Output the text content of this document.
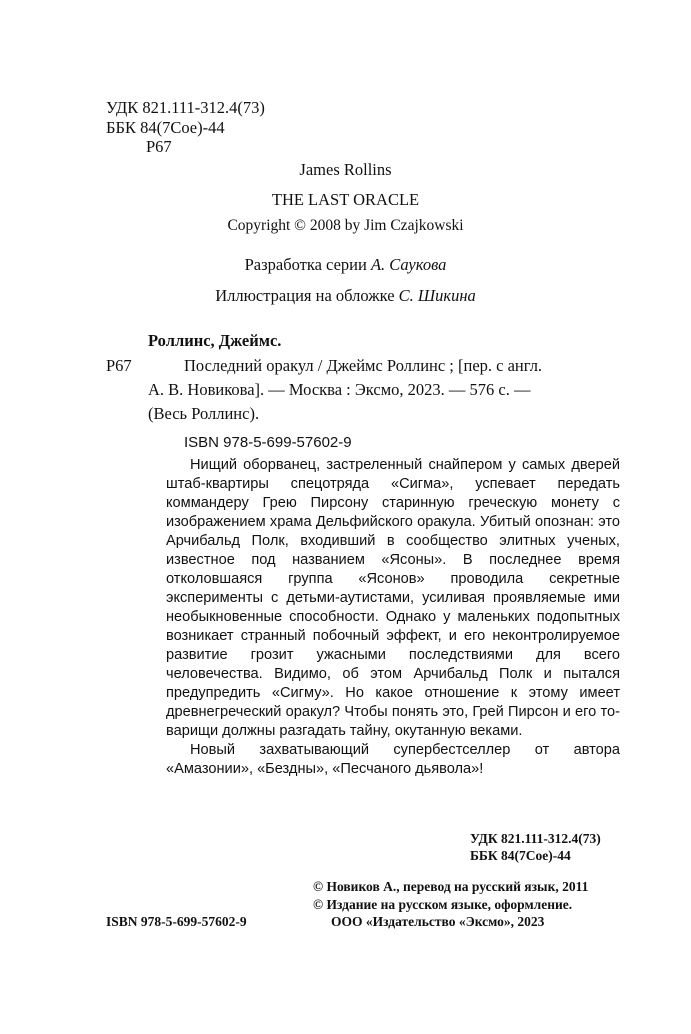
УДК 821.111-312.4(73)
ББК 84(7Сое)-44
Р67
James Rollins
THE LAST ORACLE
Copyright © 2008 by Jim Czajkowski
Разработка серии А. Саукова
Иллюстрация на обложке С. Шикина
Роллинс, Джеймс.
Р67	Последний оракул / Джеймс Роллинс ; [пер. с англ.
А. В. Новикова]. — Москва : Эксмо, 2023. — 576 с. —
(Весь Роллинс).
ISBN 978-5-699-57602-9

Нищий оборванец, застреленный снайпером у самых дверей штаб-квартиры спецотряда «Сигма», успевает передать коммандеру Грею Пирсону старинную греческую монету с изображением храма Дельфийского оракула. Убитый опознан: это Арчибальд Полк, входивший в сообщество элитных ученых, известное под названием «Ясоны». В последнее время отколовшаяся группа «Ясонов» проводила секретные эксперименты с детьми-аутистами, усиливая проявляемые ими необыкновенные способности. Однако у маленьких подопытных возникает странный побочный эффект, и его неконтролируемое развитие грозит ужасными последствиями для всего человечества. Видимо, об этом Арчибальд Полк и пытался предупредить «Сигму». Но какое отношение к этому имеет древнегреческий оракул? Чтобы понять это, Грей Пирсон и его товарищи должны разгадать тайну, окутанную веками.

Новый захватывающий супербестселлер от автора «Амазонии», «Бездны», «Песчаного дьявола»!

УДК 821.111-312.4(73)
ББК 84(7Сое)-44
© Новиков А., перевод на русский язык, 2011
© Издание на русском языке, оформление.
ISBN 978-5-699-57602-9	ООО «Издательство «Эксмо», 2023
